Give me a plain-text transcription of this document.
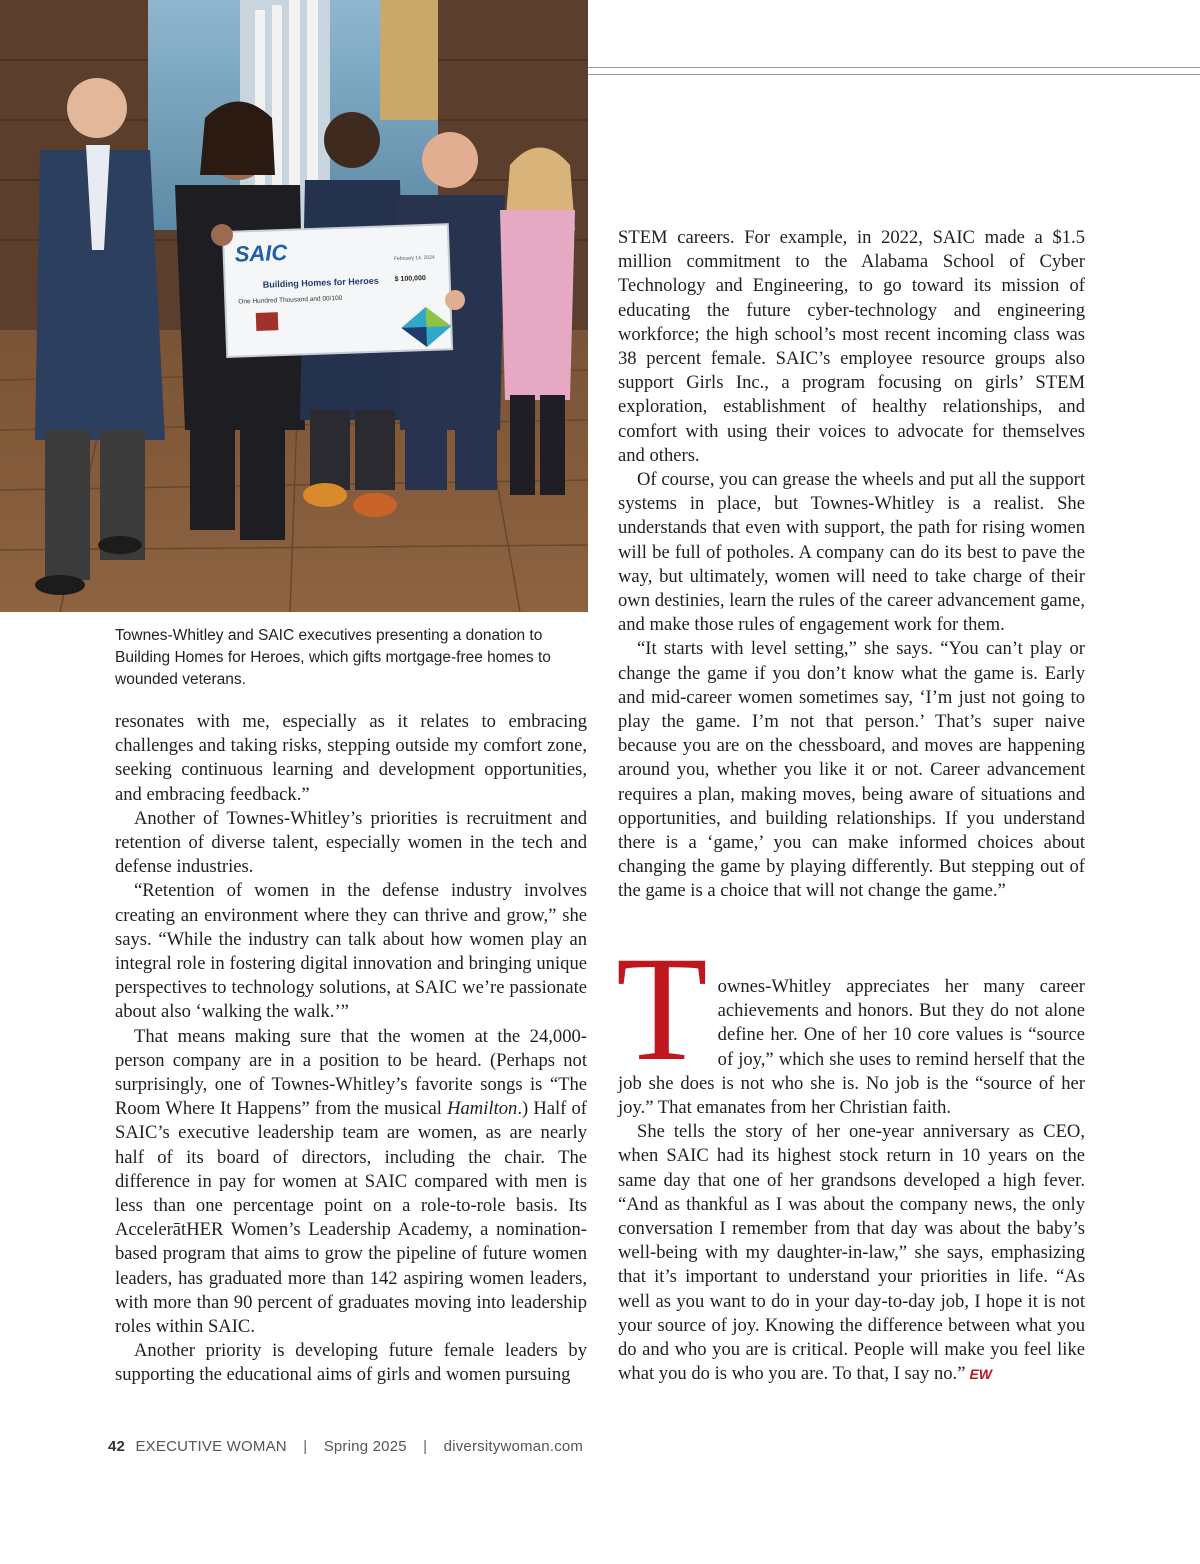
SAIC
Building Homes for Heroes $ 100,000
One Hundred Thousand and 00/100
February 14, 2024
Townes-Whitley and SAIC executives presenting a donation to Building Homes for Heroes, which gifts mortgage-free homes to wounded veterans.

resonates with me, especially as it relates to embracing challenges and taking risks, stepping outside my comfort zone, seeking continuous learning and development opportunities, and embracing feedback.”

Another of Townes-Whitley’s priorities is recruitment and retention of diverse talent, especially women in the tech and defense industries.

“Retention of women in the defense industry involves creating an environment where they can thrive and grow,” she says. “While the industry can talk about how women play an integral role in fostering digital innovation and bringing unique perspectives to technology solutions, at SAIC we’re passionate about also ‘walking the walk.’”

That means making sure that the women at the 24,000-person company are in a position to be heard. (Perhaps not surprisingly, one of Townes-Whitley’s favorite songs is “The Room Where It Happens” from the musical Hamilton.) Half of SAIC’s executive leadership team are women, as are nearly half of its board of directors, including the chair. The difference in pay for women at SAIC compared with men is less than one percentage point on a role-to-role basis. Its AccelerātHER Women’s Leadership Academy, a nomination-based program that aims to grow the pipeline of future women leaders, has graduated more than 142 aspiring women leaders, with more than 90 percent of graduates moving into leadership roles within SAIC.

Another priority is developing future female leaders by supporting the educational aims of girls and women pursuing

STEM careers. For example, in 2022, SAIC made a $1.5 million commitment to the Alabama School of Cyber Technology and Engineering, to go toward its mission of educating the future cyber-technology and engineering workforce; the high school’s most recent incoming class was 38 percent female. SAIC’s employee resource groups also support Girls Inc., a program focusing on girls’ STEM exploration, establishment of healthy relationships, and comfort with using their voices to advocate for themselves and others.

Of course, you can grease the wheels and put all the support systems in place, but Townes-Whitley is a realist. She understands that even with support, the path for rising women will be full of potholes. A company can do its best to pave the way, but ultimately, women will need to take charge of their own destinies, learn the rules of the career advancement game, and make those rules of engagement work for them.

“It starts with level setting,” she says. “You can’t play or change the game if you don’t know what the game is. Early and mid-career women sometimes say, ‘I’m just not going to play the game. I’m not that person.’ That’s super naive because you are on the chessboard, and moves are happening around you, whether you like it or not. Career advancement requires a plan, making moves, being aware of situations and opportunities, and building relationships. If you understand there is a ‘game,’ you can make informed choices about changing the game by playing differently. But stepping out of the game is a choice that will not change the game.”

Townes-Whitley appreciates her many career achievements and honors. But they do not alone define her. One of her 10 core values is “source of joy,” which she uses to remind herself that the job she does is not who she is. No job is the “source of her joy.” That emanates from her Christian faith.

She tells the story of her one-year anniversary as CEO, when SAIC had its highest stock return in 10 years on the same day that one of her grandsons developed a high fever. “And as thankful as I was about the company news, the only conversation I remember from that day was about the baby’s well-being with my daughter-in-law,” she says, emphasizing that it’s important to understand your priorities in life. “As well as you want to do in your day-to-day job, I hope it is not your source of joy. Knowing the difference between what you do and who you are is critical. People will make you feel like what you do is who you are. To that, I say no.” EW

42 EXECUTIVE WOMAN | Spring 2025 | diversitywoman.com
